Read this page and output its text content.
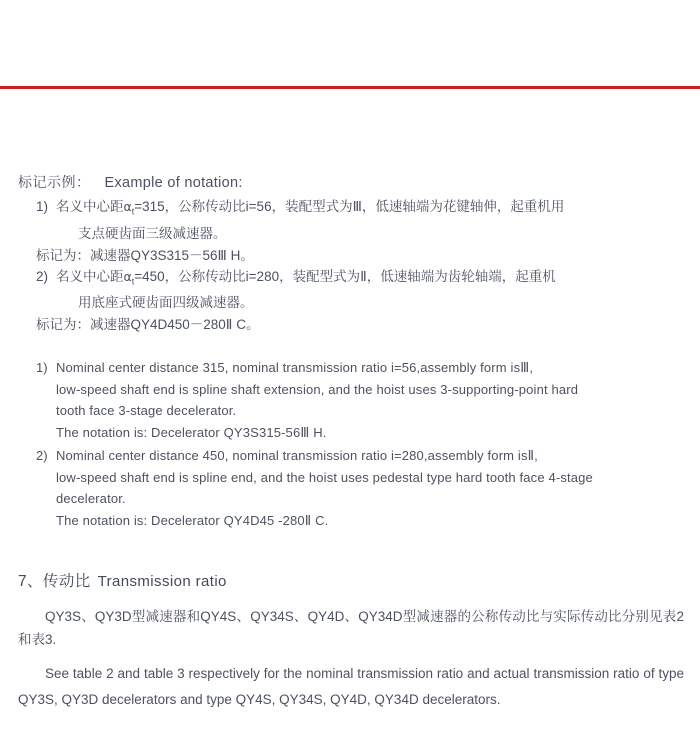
标记示例： Example of notation:
1) 名义中心距$\alpha_t=315$，公称传动比i=56，装配型式为Ⅲ，低速轴端为花键轴伸，起重机用
支点硬齿面三级减速器。
标记为：减速器QY3S315－56Ⅲ H。
2) 名义中心距$\alpha_t=450$，公称传动比i=280，装配型式为Ⅱ，低速轴端为齿轮轴端，起重机
用底座式硬齿面四级减速器。
标记为：减速器QY4D450－280Ⅱ C。
1) Nominal center distance 315, nominal transmission ratio i=56,assembly form isⅢ,
low-speed shaft end is spline shaft extension, and the hoist uses 3-supporting-point hard
tooth face 3-stage decelerator.
The notation is: Decelerator QY3S315-56Ⅲ H.
2) Nominal center distance 450, nominal transmission ratio i=280,assembly form isⅡ,
low-speed shaft end is spline end, and the hoist uses pedestal type hard tooth face 4-stage
decelerator.
The notation is: Decelerator QY4D45 -280Ⅱ C.
7、传动比 Transmission ratio
QY3S、QY3D型减速器和QY4S、QY34S、QY4D、QY34D型减速器的公称传动比与实际传动比分别见表2和表3.
See table 2 and table 3 respectively for the nominal transmission ratio and actual transmission ratio of type QY3S, QY3D decelerators and type QY4S, QY34S, QY4D, QY34D decelerators.
